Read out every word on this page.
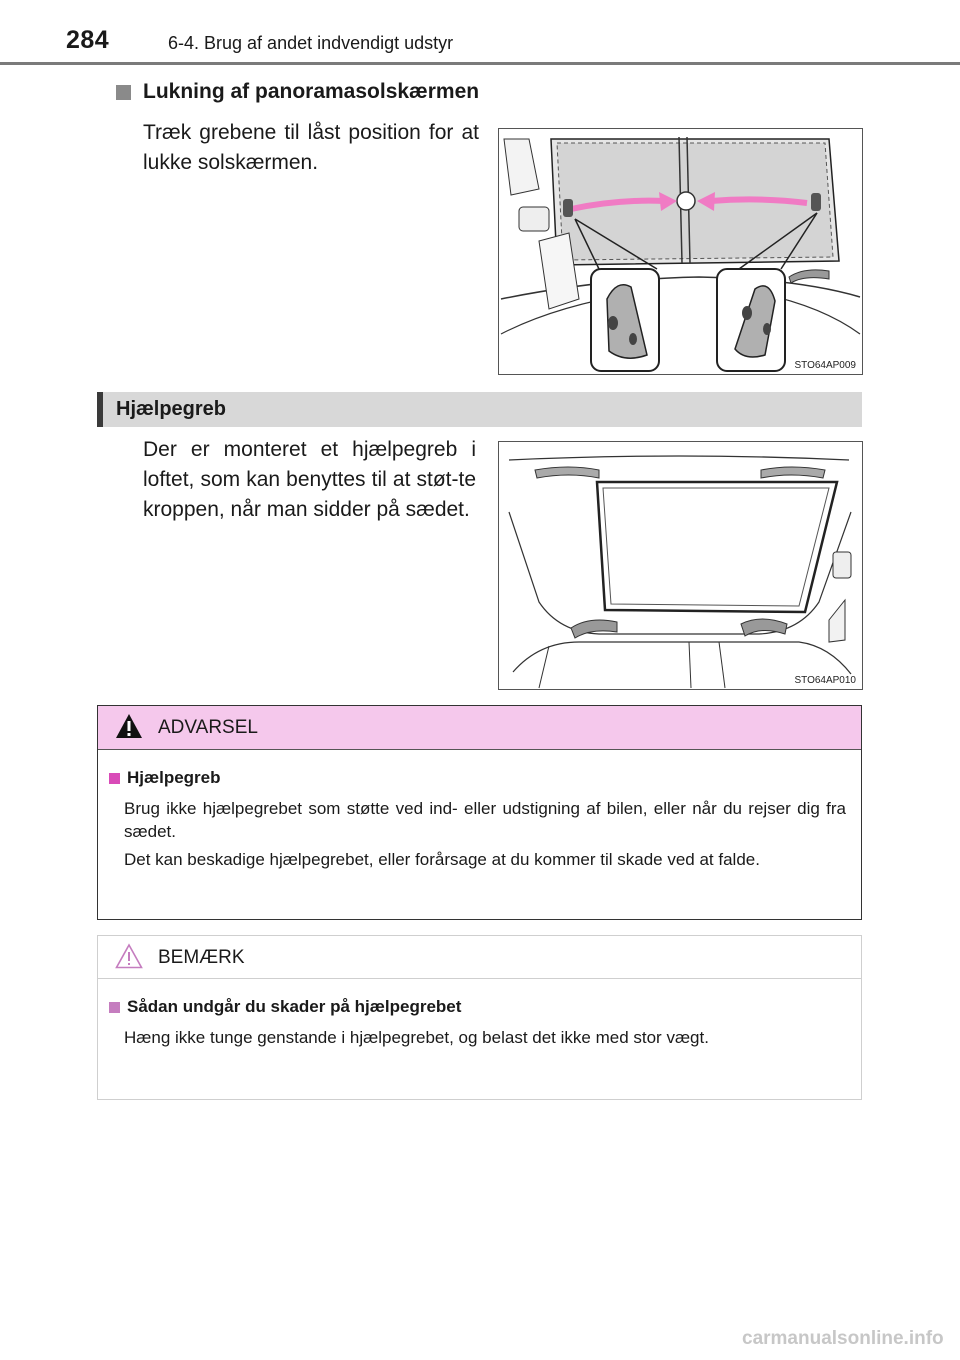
284	6-4. Brug af andet indvendigt udstyr
Lukning af panoramasolskærmen
Træk grebene til låst position for at lukke solskærmen.
STO64AP009
Hjælpegreb
Der er monteret et hjælpegreb i loftet, som kan benyttes til at støt-te kroppen, når man sidder på sædet.
STO64AP010
ADVARSEL
Hjælpegreb
Brug ikke hjælpegrebet som støtte ved ind- eller udstigning af bilen, eller når du rejser dig fra sædet.
Det kan beskadige hjælpegrebet, eller forårsage at du kommer til skade ved at falde.
BEMÆRK
Sådan undgår du skader på hjælpegrebet
Hæng ikke tunge genstande i hjælpegrebet, og belast det ikke med stor vægt.
carmanualsonline.info
